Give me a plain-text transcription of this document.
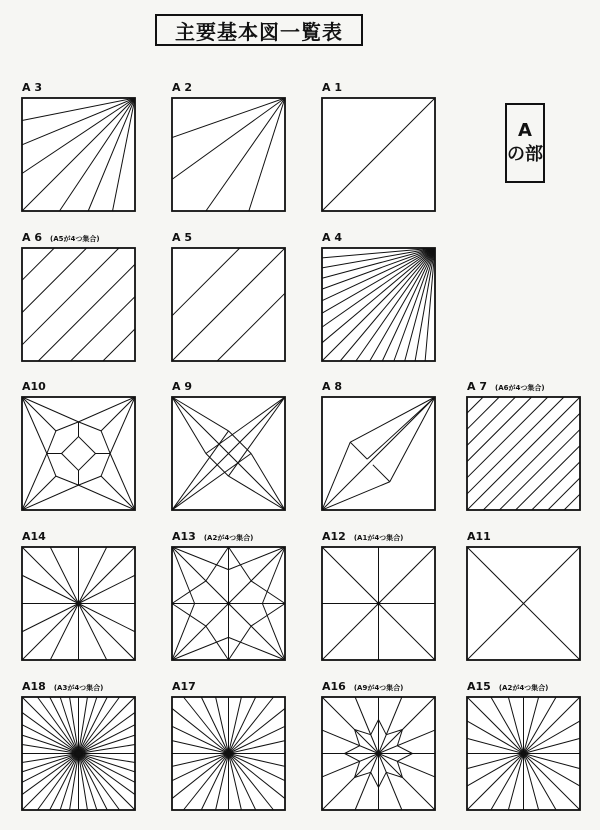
主要基本図一覧表
A
の部
A 3	A 2	A 1
A 6 (A5が4つ集合)	A 5	A 4
A10	A 9	A 8	A 7 (A6が4つ集合)
A14	A13 (A2が4つ集合)	A12 (A1が4つ集合)	A11
A18 (A3が4つ集合)	A17	A16 (A9が4つ集合)	A15 (A2が4つ集合)
